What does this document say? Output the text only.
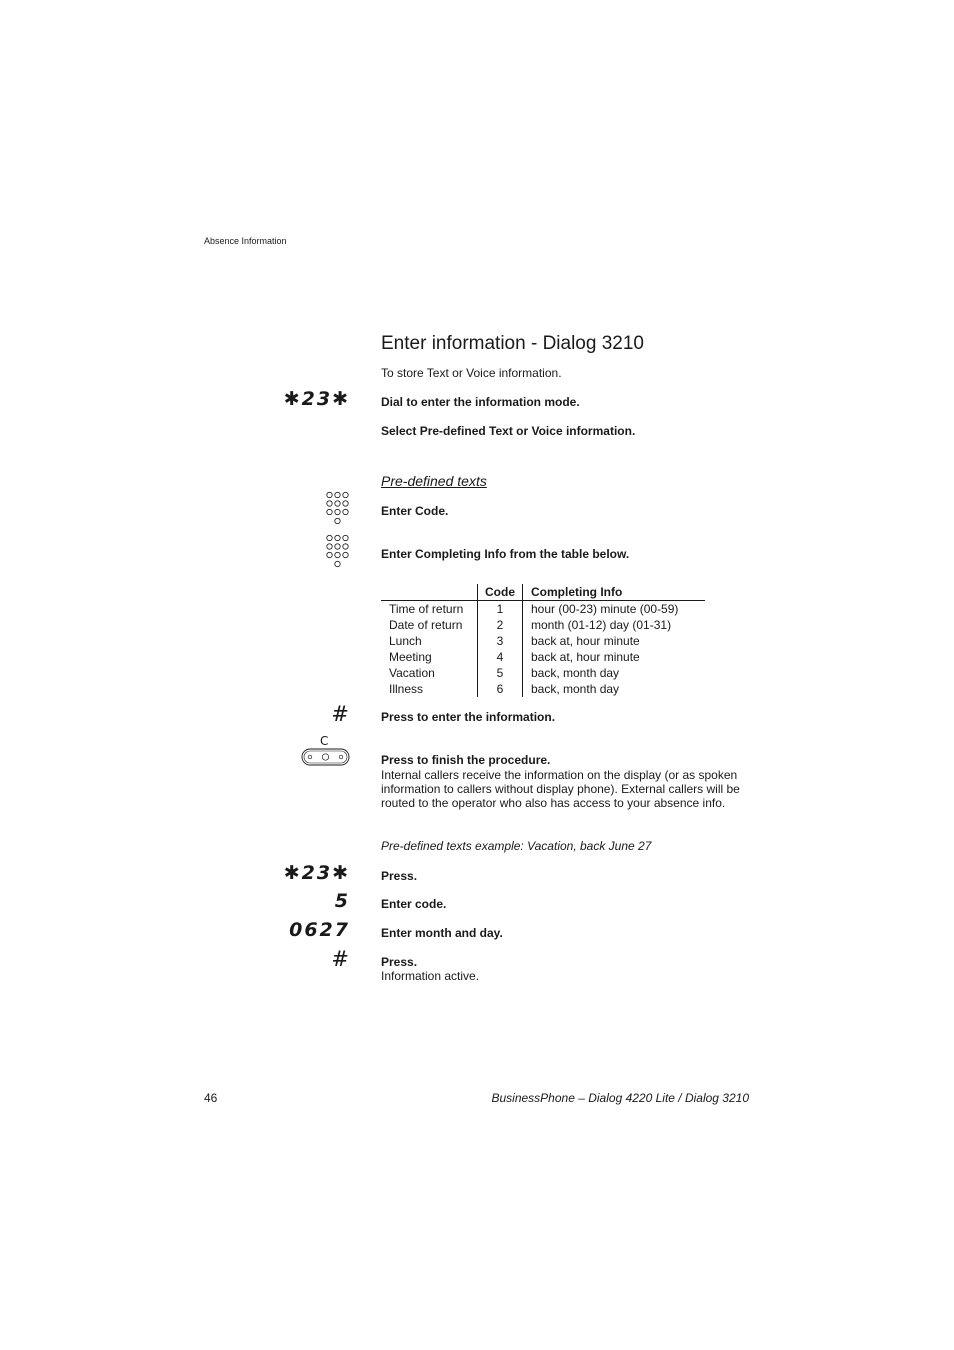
Absence Information
Enter information - Dialog 3210
To store Text or Voice information.
✱23✱	Dial to enter the information mode.
Select Pre-defined Text or Voice information.
Pre-defined texts
Enter Code.
Enter Completing Info from the table below.
	Code	Completing Info
Time of return	1	hour (00-23) minute (00-59)
Date of return	2	month (01-12) day (01-31)
Lunch	3	back at, hour minute
Meeting	4	back at, hour minute
Vacation	5	back, month day
Illness	6	back, month day
#	Press to enter the information.
C
Press to finish the procedure.
Internal callers receive the information on the display (or as spoken information to callers without display phone). External callers will be routed to the operator who also has access to your absence info.
Pre-defined texts example: Vacation, back June 27
✱23✱	Press.
5	Enter code.
0627	Enter month and day.
#	Press.
Information active.
46	BusinessPhone – Dialog 4220 Lite / Dialog 3210
